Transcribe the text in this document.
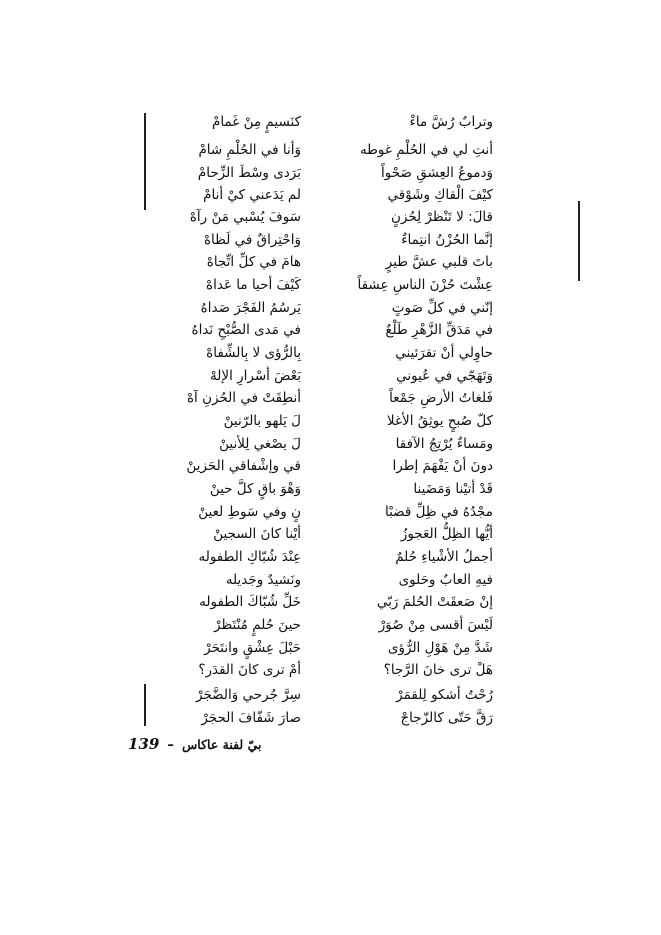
وترابٌ رُشَّ ماءْ
كنَسيمٍ مِنْ غَمامْ
أنتِ لي في الحُلْمِ غوطه
وَأنا في الحُلْمِ شامْ
وَدموعُ العِشقِ صَحْواً
بَرَدى وسْطَ الزِّحامْ
كيْفَ الْقاكِ وشَوْقي
لم يَدَعني كيْ أنامْ
قالَ: لا تَنْظرْ لِحُزنٍ
سَوفَ يُسْبي مَنْ رآهْ
إنَّما الحُزْنُ انتِماءٌ
وَاحْتِراقٌ في لَظاهْ
باتَ قلبي عشَّ طيرٍ
هامَ في كلِّ اتِّجاهْ
عِشْتَ حُزْنَ الناسِ عِشقاً
كَيْفَ أحيا ما عَداهْ
إنّني في كلِّ صَوتٍ
يَرسُمُ الفَجْرَ صَداهُ
في مَدَقِّ الزَّهْرِ طَلْعٌ
في مَدى الصُّبْحِ نَداهُ
حاوِلي أنْ تقرَئيني
بِالرُّؤى لا بِالشِّفاهْ
وَتَهَجّي في عُيوني
بَعْضَ أسْرارِ الإلهْ
فَلغاتُ الأرضِ جَمْعاً
أنطِقَتْ في الحُزنِ آهْ
كلّ صُبحٍ يوثِقُ الأغلا
لَ يَلهو بالرّنينْ
ومَساءٌ يُرْتِجُ الآفقا
لَ يصْغي لِلأنينْ
دونَ أنْ يَفْهَمَ إطرا
قي وإشْفاقي الحَزينْ
قَدْ أتيْنا وَمَضَينا
وَهْوَ باقٍ كلَّ حينْ
مجْدُهُ في ظِلِّ قضبْا
نٍ وفي سَوطِ لعينْ
أيُّها الظِلُّ العَجوزُ
أيْنا كانَ السجينْ
أجملُ الأشْياءِ حُلمٌ
عِنْدَ شُبّاكِ الطفوله
فيهِ العابٌ وحَلوى
ونَشيدٌ وجَديله
إنْ صَعقَتْ الحُلمَ رَبّي
خَلِّ شُبّاكَ الطفوله
لَيْسَ أقسى مِنْ صُوَرْ
حينَ حُلمٍ مُنْتَظرْ
شَدَّ مِنْ هَوْلِ الرُّؤى
حَبْلَ عِشْقٍ وانتَحَرْ
هَلْ ترى خانَ الرَّجا؟
أمْ ترى كانَ القدَر؟
رُحْتُ أشكو لِلقمَرْ
سِرَّ جُرحي وَالضَّجَرْ
رَقَّ حَتّى كالزّجاجْ
صارَ شَفّافَ الحجَرْ
بيّ لفنة عاكاس – 139
